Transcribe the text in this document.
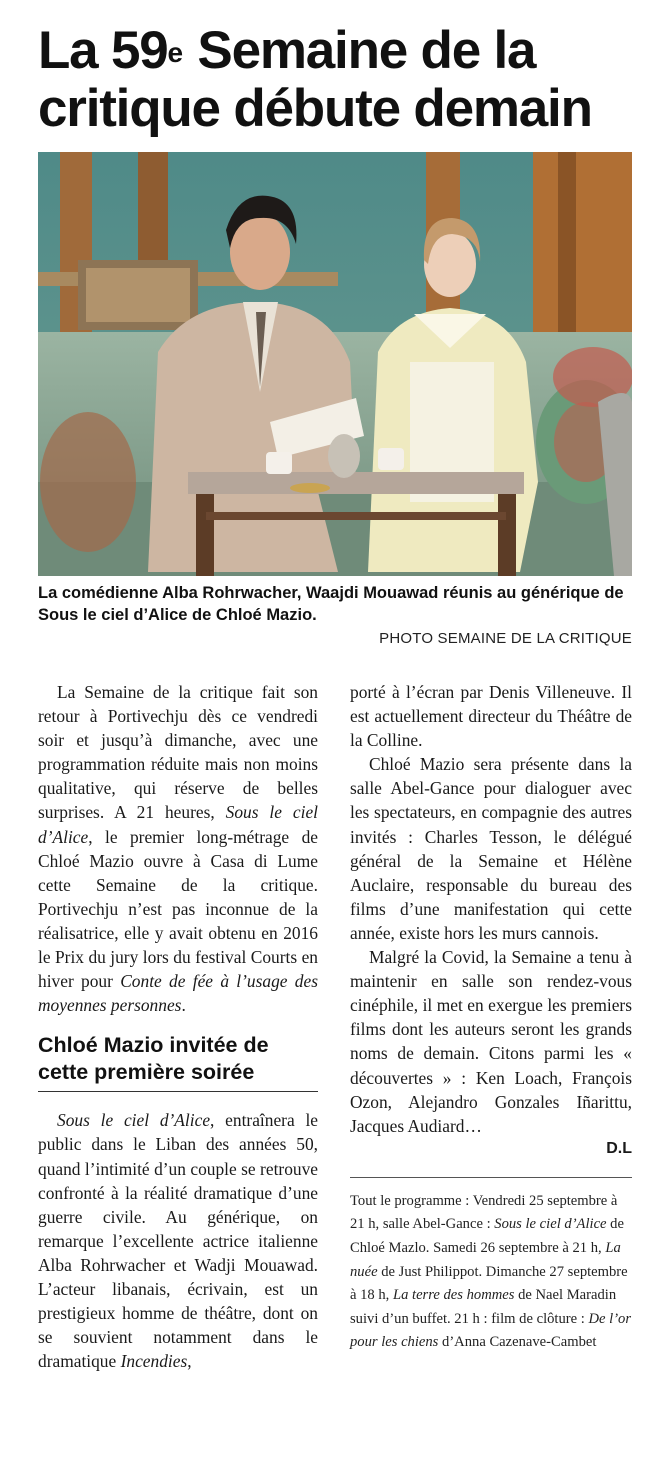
La 59e Semaine de la critique débute demain
La comédienne Alba Rohrwacher, Waajdi Mouawad réunis au générique de Sous le ciel d’Alice de Chloé Mazio.
PHOTO SEMAINE DE LA CRITIQUE

La Semaine de la critique fait son retour à Portivechju dès ce vendredi soir et jusqu’à dimanche, avec une programmation réduite mais non moins qualitative, qui réserve de belles surprises. A 21 heures, Sous le ciel d’Alice, le premier long-métrage de Chloé Mazio ouvre à Casa di Lume cette Semaine de la critique. Portivechju n’est pas inconnue de la réalisatrice, elle y avait obtenu en 2016 le Prix du jury lors du festival Courts en hiver pour Conte de fée à l’usage des moyennes personnes.

Chloé Mazio invitée de cette première soirée

Sous le ciel d’Alice, entraînera le public dans le Liban des années 50, quand l’intimité d’un couple se retrouve confronté à la réalité dramatique d’une guerre civile. Au générique, on remarque l’excellente actrice italienne Alba Rohrwacher et Wadji Mouawad. L’acteur libanais, écrivain, est un prestigieux homme de théâtre, dont on se souvient notamment dans le dramatique Incendies,

porté à l’écran par Denis Villeneuve. Il est actuellement directeur du Théâtre de la Colline.

Chloé Mazio sera présente dans la salle Abel-Gance pour dialoguer avec les spectateurs, en compagnie des autres invités : Charles Tesson, le délégué général de la Semaine et Hélène Auclaire, responsable du bureau des films d’une manifestation qui cette année, existe hors les murs cannois.

Malgré la Covid, la Semaine a tenu à maintenir en salle son rendez-vous cinéphile, il met en exergue les premiers films dont les auteurs seront les grands noms de demain. Citons parmi les « découvertes » : Ken Loach, François Ozon, Alejandro Gonzales Iñarittu, Jacques Audiard…

D.L
Tout le programme : Vendredi 25 septembre à 21 h, salle Abel-Gance : Sous le ciel d’Alice de Chloé Mazlo. Samedi 26 septembre à 21 h, La nuée de Just Philippot. Dimanche 27 septembre à 18 h, La terre des hommes de Nael Maradin suivi d’un buffet. 21 h : film de clôture : De l’or pour les chiens d’Anna Cazenave-Cambet
